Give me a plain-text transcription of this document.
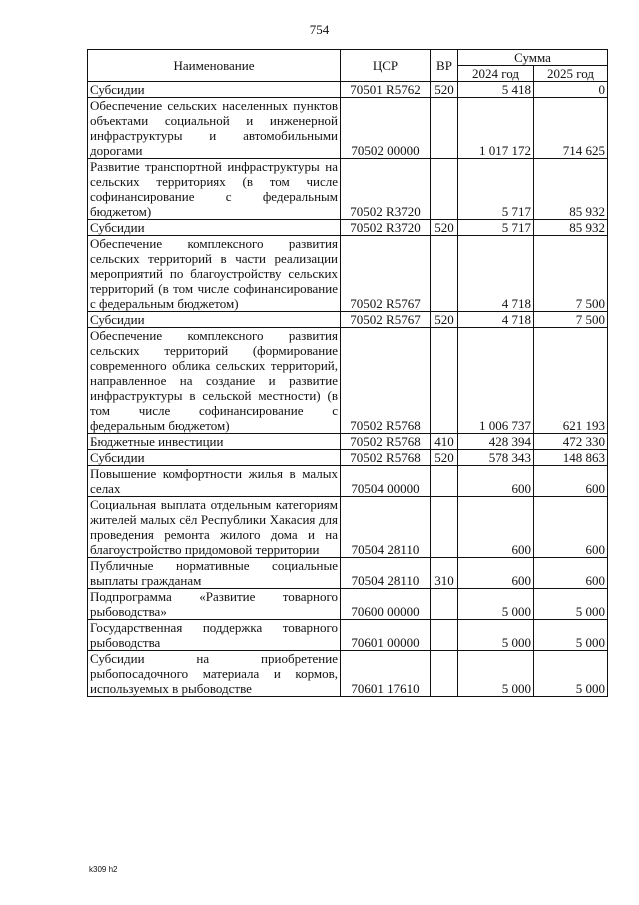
754
Наименование	ЦСР	ВР	Сумма	
			2024 год	2025 год
Субсидии	70501 R5762	520	5 418	0
Обеспечение сельских населенных пунктов объектами социальной и инженерной инфраструктуры и автомобильными дорогами	70502 00000		1 017 172	714 625
Развитие транспортной инфраструктуры на сельских территориях (в том числе софинансирование с федеральным бюджетом)	70502 R3720		5 717	85 932
Субсидии	70502 R3720	520	5 717	85 932
Обеспечение комплексного развития сельских территорий в части реализации мероприятий по благоустройству сельских территорий (в том числе софинансирование с федеральным бюджетом)	70502 R5767		4 718	7 500
Субсидии	70502 R5767	520	4 718	7 500
Обеспечение комплексного развития сельских территорий (формирование современного облика сельских территорий, направленное на создание и развитие инфраструктуры в сельской местности) (в том числе софинансирование с федеральным бюджетом)	70502 R5768		1 006 737	621 193
Бюджетные инвестиции	70502 R5768	410	428 394	472 330
Субсидии	70502 R5768	520	578 343	148 863
Повышение комфортности жилья в малых селах	70504 00000		600	600
Социальная выплата отдельным категориям жителей малых сёл Республики Хакасия для проведения ремонта жилого дома и на благоустройство придомовой территории	70504 28110		600	600
Публичные нормативные социальные выплаты гражданам	70504 28110	310	600	600
Подпрограмма «Развитие товарного рыбоводства»	70600 00000		5 000	5 000
Государственная поддержка товарного рыбоводства	70601 00000		5 000	5 000
Субсидии на приобретение рыбопосадочного материала и кормов, используемых в рыбоводстве	70601 17610		5 000	5 000
k309 h2
